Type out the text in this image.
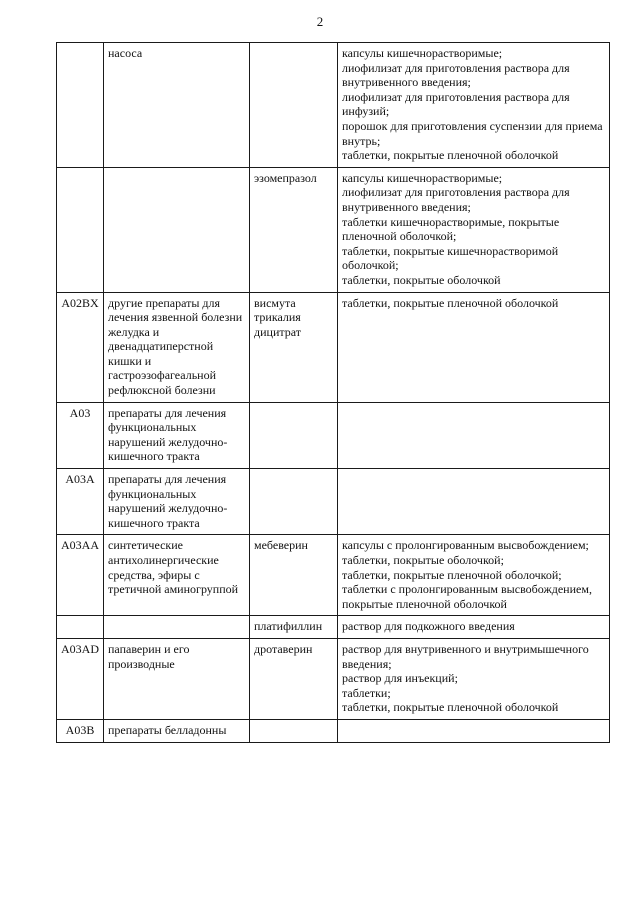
2
	насоса		капсулы кишечнорастворимые;
лиофилизат для приготовления раствора для внутривенного введения;
лиофилизат для приготовления раствора для инфузий;
порошок для приготовления суспензии для приема внутрь;
таблетки, покрытые пленочной оболочкой
		эзомепразол	капсулы кишечнорастворимые;
лиофилизат для приготовления раствора для внутривенного введения;
таблетки кишечнорастворимые, покрытые пленочной оболочкой;
таблетки, покрытые кишечнорастворимой оболочкой;
таблетки, покрытые оболочкой
A02BX	другие препараты для лечения язвенной болезни желудка и двенадцатиперстной кишки и гастроэзофагеальной рефлюксной болезни	висмута трикалия дицитрат	таблетки, покрытые пленочной оболочкой
A03	препараты для лечения функциональных нарушений желудочно-кишечного тракта		
A03A	препараты для лечения функциональных нарушений желудочно-кишечного тракта		
A03AA	синтетические антихолинергические средства, эфиры с третичной аминогруппой	мебеверин	капсулы с пролонгированным высвобождением;
таблетки, покрытые оболочкой;
таблетки, покрытые пленочной оболочкой;
таблетки с пролонгированным высвобождением, покрытые пленочной оболочкой
		платифиллин	раствор для подкожного введения
A03AD	папаверин и его производные	дротаверин	раствор для внутривенного и внутримышечного введения;
раствор для инъекций;
таблетки;
таблетки, покрытые пленочной оболочкой
A03B	препараты белладонны		
